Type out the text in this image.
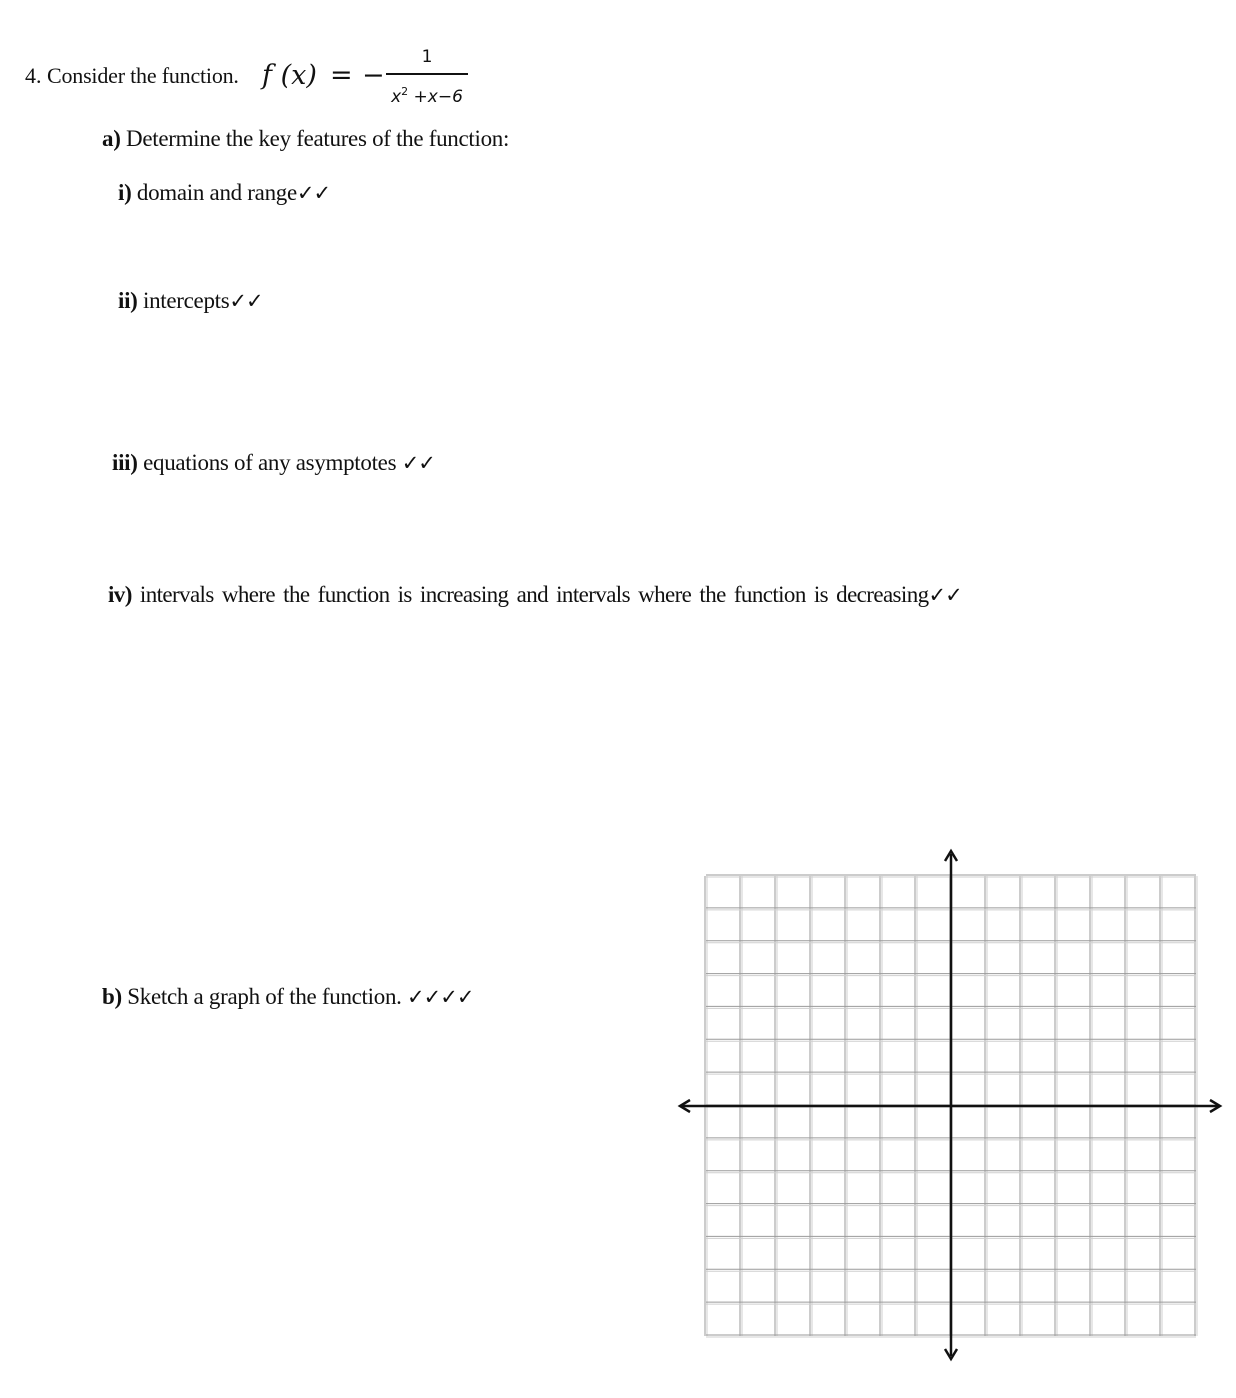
4. Consider the function. f (x) = −
1
$x^2 +x-6$
a) Determine the key features of the function:
i) domain and range✓✓
ii) intercepts✓✓
iii) equations of any asymptotes ✓✓
iv) intervals where the function is increasing and intervals where the function is decreasing✓✓
b) Sketch a graph of the function. ✓✓✓✓
